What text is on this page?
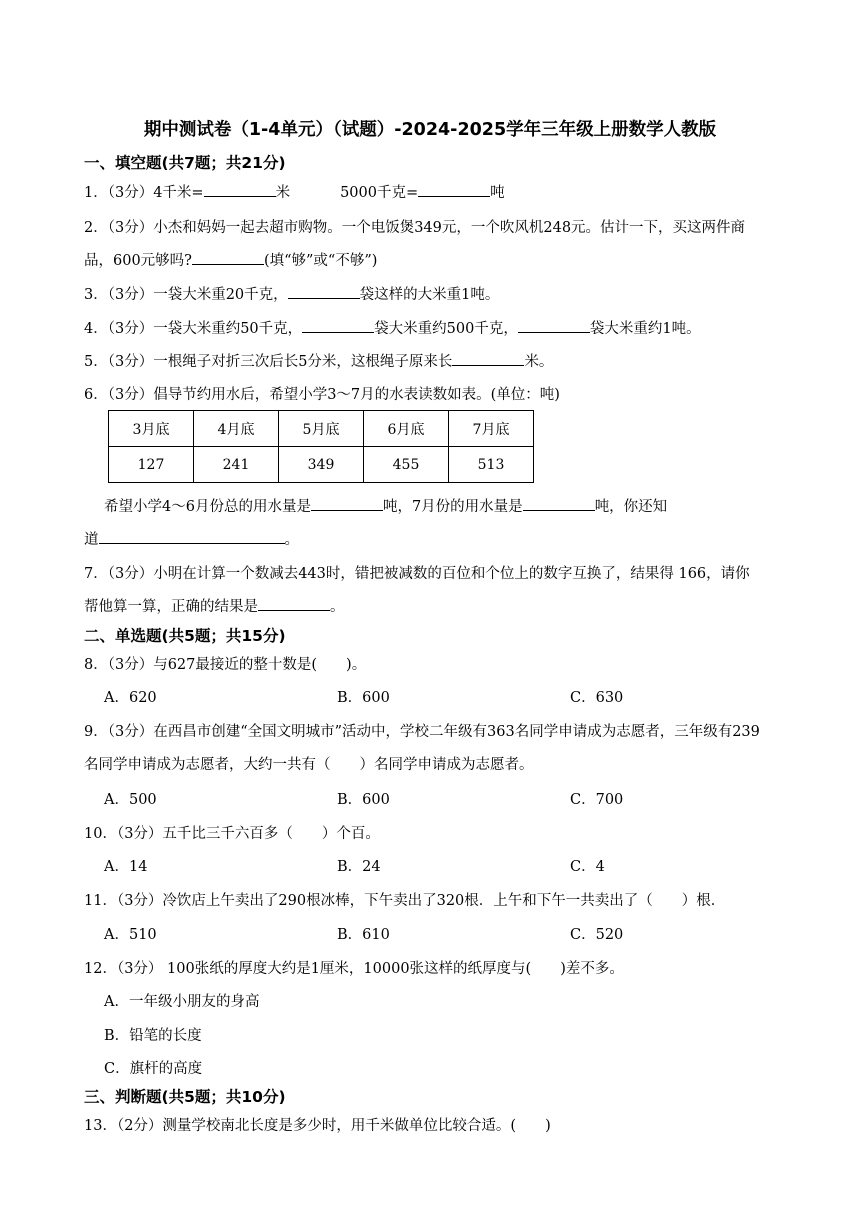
期中测试卷（1-4单元）（试题）-2024-2025学年三年级上册数学人教版
一、填空题(共7题；共21分)
1．（3分）4千米=	米	5000千克=	吨
2．（3分）小杰和妈妈一起去超市购物。一个电饭煲349元，一个吹风机248元。估计一下，买这两件商
品，600元够吗?	(填“够”或“不够”)
3．（3分）一袋大米重20千克，	袋这样的大米重1吨。
4．（3分）一袋大米重约50千克，	袋大米重约500千克，	袋大米重约1吨。
5．（3分）一根绳子对折三次后长5分米，这根绳子原来长	米。
6．（3分）倡导节约用水后，希望小学3～7月的水表读数如表。(单位：吨)
3月底	4月底	5月底	6月底	7月底
127	241	349	455	513
希望小学4～6月份总的用水量是	吨，7月份的用水量是	吨，你还知
道	。
7．（3分）小明在计算一个数减去443时，错把被减数的百位和个位上的数字互换了，结果得 166，请你
帮他算一算，正确的结果是	。
二、单选题(共5题；共15分)
8．（3分）与627最接近的整十数是(　　)。
A．620	B．600	C．630
9．（3分）在西昌市创建“全国文明城市”活动中，学校二年级有363名同学申请成为志愿者，三年级有239
名同学申请成为志愿者，大约一共有（　　）名同学申请成为志愿者。
A．500	B．600	C．700
10．（3分）五千比三千六百多（　　）个百。
A．14	B．24	C．4
11．（3分）冷饮店上午卖出了290根冰棒，下午卖出了320根．上午和下午一共卖出了（　　）根．
A．510	B．610	C．520
12．（3分） 100张纸的厚度大约是1厘米，10000张这样的纸厚度与(　　)差不多。
A．一年级小朋友的身高
B．铅笔的长度
C．旗杆的高度
三、判断题(共5题；共10分)
13．（2分）测量学校南北长度是多少时，用千米做单位比较合适。(　　)
